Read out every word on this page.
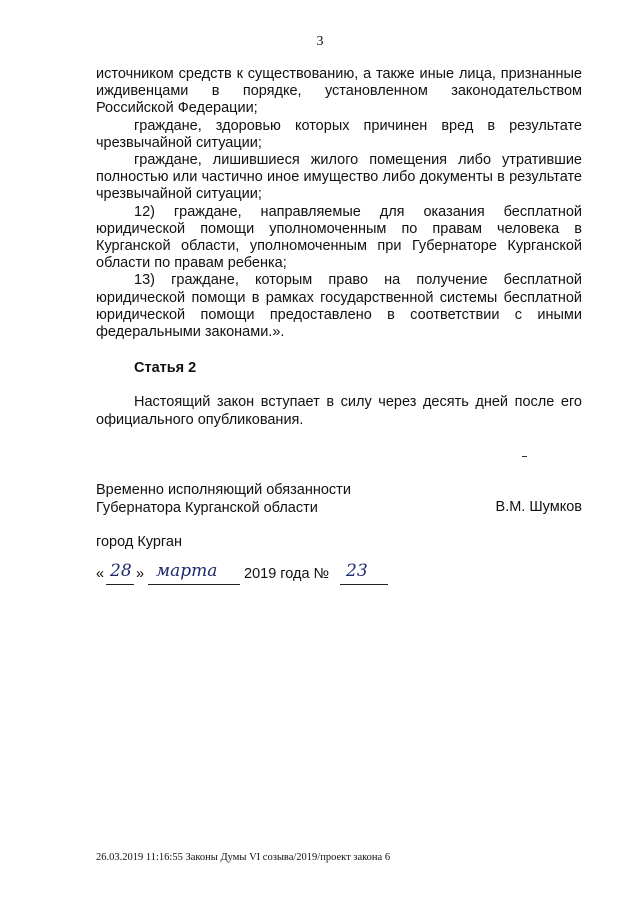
3

источником средств к существованию, а также иные лица, признанные иждивенцами в порядке, установленном законодательством Российской Федерации;

граждане, здоровью которых причинен вред в результате чрезвычайной ситуации;

граждане, лишившиеся жилого помещения либо утратившие полностью или частично иное имущество либо документы в результате чрезвычайной ситуации;

12) граждане, направляемые для оказания бесплатной юридической помощи уполномоченным по правам человека в Курганской области, уполномоченным при Губернаторе Курганской области по правам ребенка;

13) граждане, которым право на получение бесплатной юридической помощи в рамках государственной системы бесплатной юридической помощи предоставлено в соответствии с иными федеральными законами.».

Статья 2
Настоящий закон вступает в силу через десять дней после его официального опубликования.
Временно исполняющий обязанности
Губернатора Курганской области	В.М. Шумков
город Курган
« 28 » марта 2019 года № 23
26.03.2019 11:16:55 Законы Думы VI созыва/2019/проект закона 6
